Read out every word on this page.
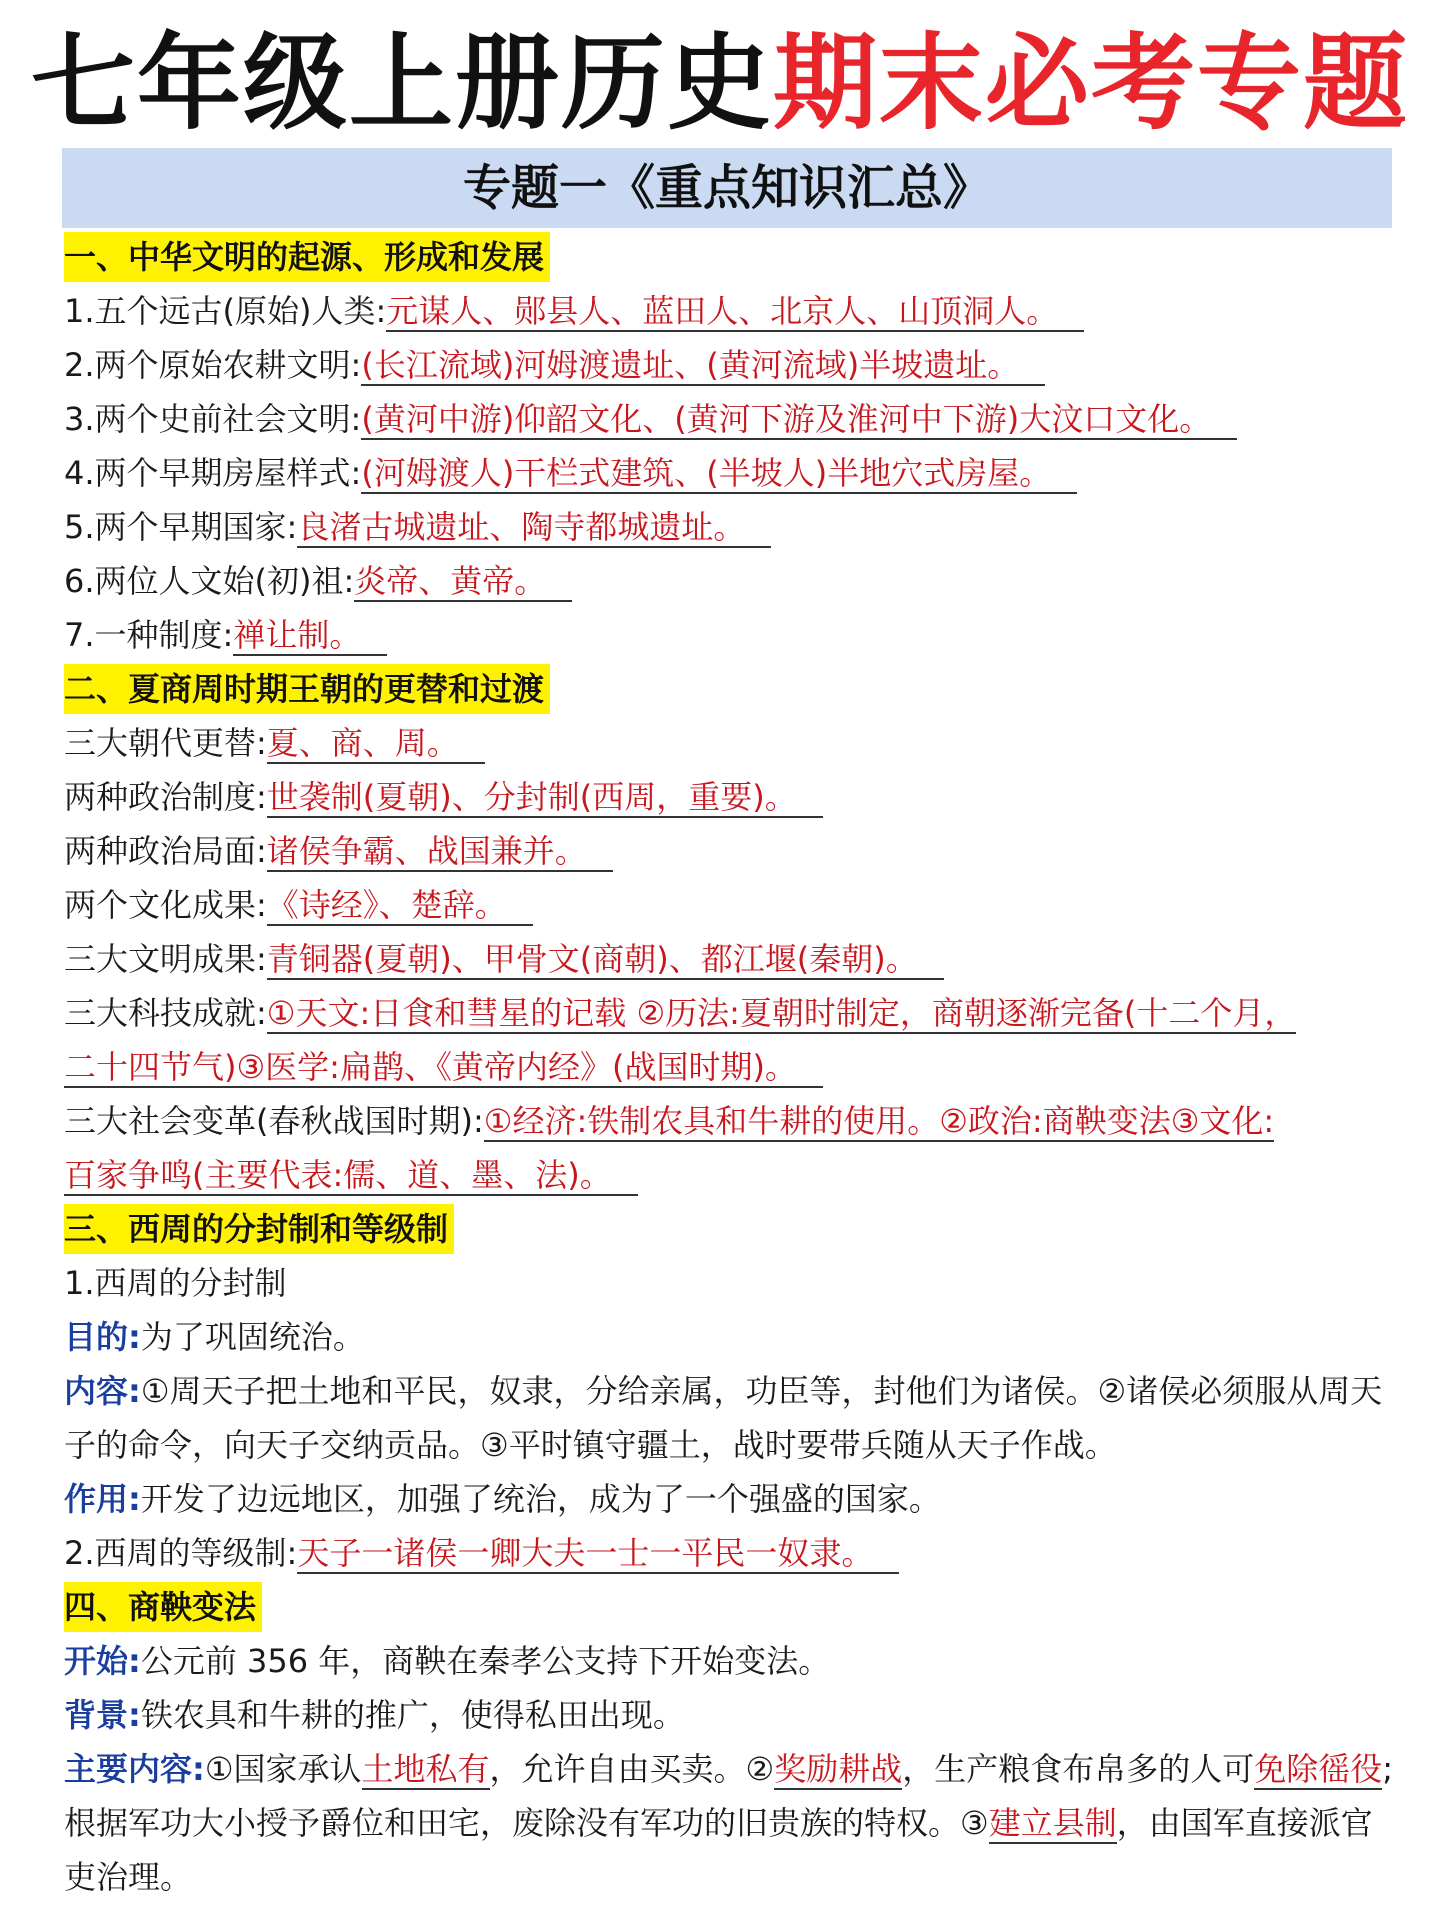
七年级上册历史期末必考专题
专题一《重点知识汇总》
一、中华文明的起源、形成和发展
1.五个远古(原始)人类:元谋人、郧县人、蓝田人、北京人、山顶洞人。
2.两个原始农耕文明:(长江流域)河姆渡遗址、(黄河流域)半坡遗址。
3.两个史前社会文明:(黄河中游)仰韶文化、(黄河下游及淮河中下游)大汶口文化。
4.两个早期房屋样式:(河姆渡人)干栏式建筑、(半坡人)半地穴式房屋。
5.两个早期国家:良渚古城遗址、陶寺都城遗址。
6.两位人文始(初)祖:炎帝、黄帝。
7.一种制度:禅让制。
二、夏商周时期王朝的更替和过渡
三大朝代更替:夏、商、周。
两种政治制度:世袭制(夏朝)、分封制(西周，重要)。
两种政治局面:诸侯争霸、战国兼并。
两个文化成果:《诗经》、楚辞。
三大文明成果:青铜器(夏朝)、甲骨文(商朝)、都江堰(秦朝)。
三大科技成就:①天文:日食和彗星的记载 ②历法:夏朝时制定，商朝逐渐完备(十二个月，
二十四节气)③医学:扁鹊、《黄帝内经》(战国时期)。
三大社会变革(春秋战国时期):①经济:铁制农具和牛耕的使用。②政治:商鞅变法③文化:
百家争鸣(主要代表:儒、道、墨、法)。
三、西周的分封制和等级制
1.西周的分封制
目的:为了巩固统治。
内容:①周天子把土地和平民，奴隶，分给亲属，功臣等，封他们为诸侯。②诸侯必须服从周天子的命令，向天子交纳贡品。③平时镇守疆土，战时要带兵随从天子作战。
作用:开发了边远地区，加强了统治，成为了一个强盛的国家。
2.西周的等级制:天子一诸侯一卿大夫一士一平民一奴隶。
四、商鞅变法
开始:公元前 356 年，商鞅在秦孝公支持下开始变法。
背景:铁农具和牛耕的推广，使得私田出现。
主要内容:①国家承认土地私有，允许自由买卖。②奖励耕战，生产粮食布帛多的人可免除徭役;根据军功大小授予爵位和田宅，废除没有军功的旧贵族的特权。③建立县制，由国军直接派官吏治理。
